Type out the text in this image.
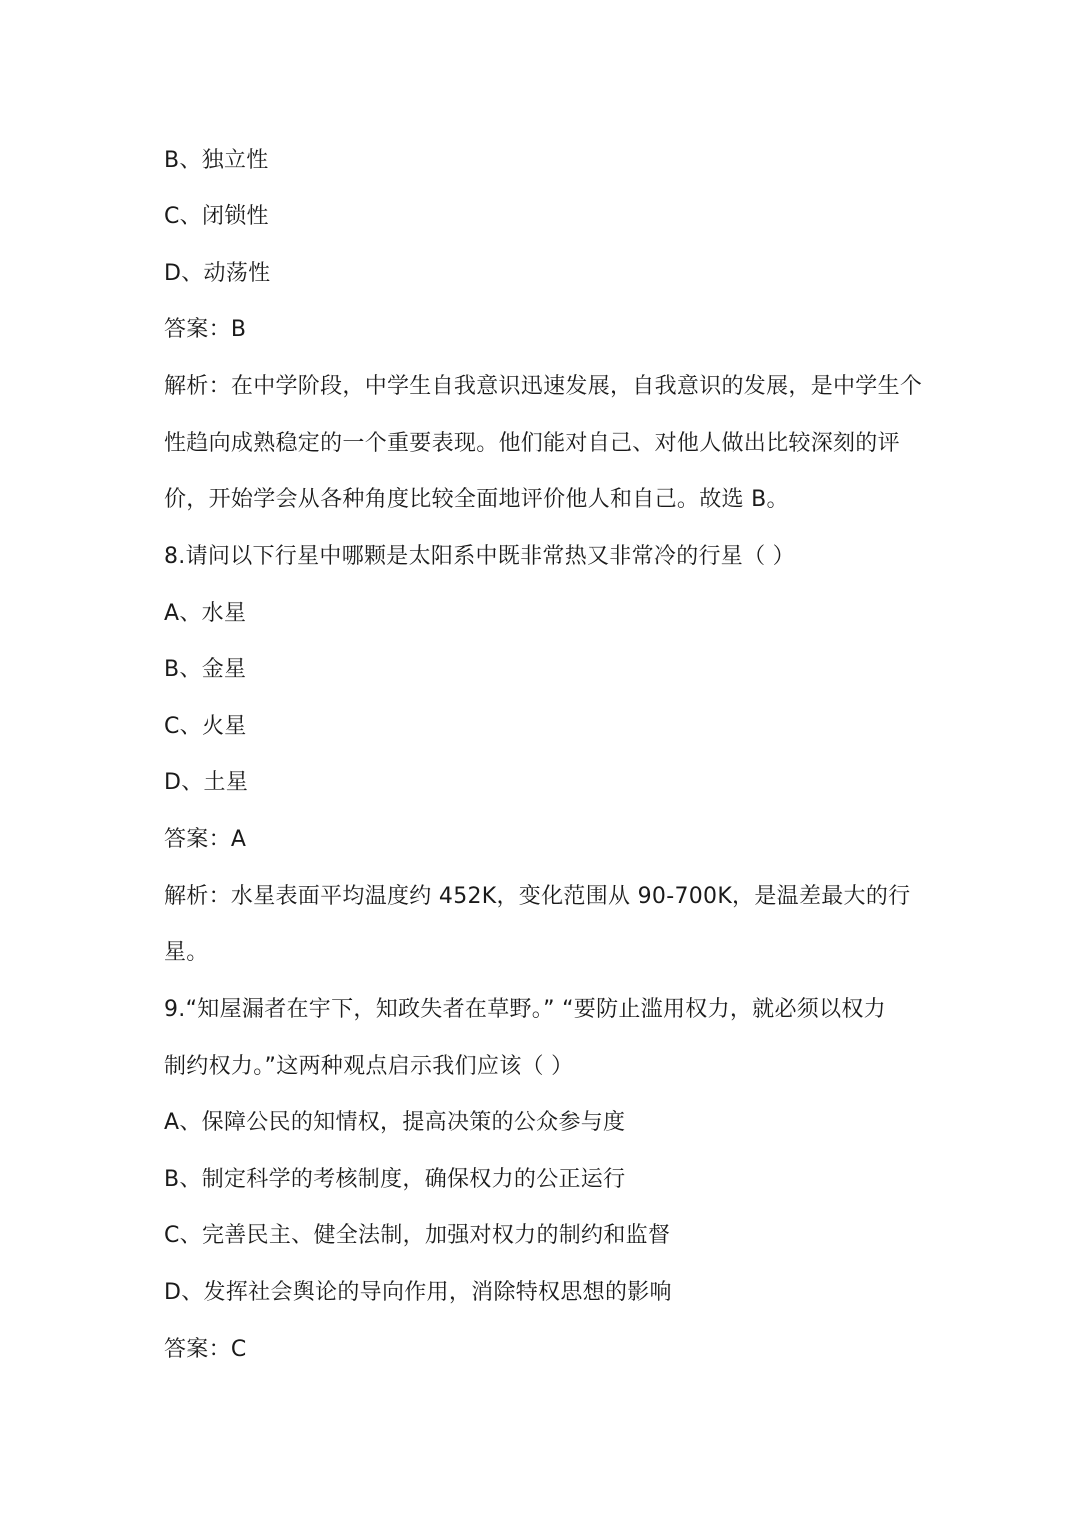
B、独立性
C、闭锁性
D、动荡性
答案：B
解析：在中学阶段，中学生自我意识迅速发展，自我意识的发展，是中学生个
性趋向成熟稳定的一个重要表现。他们能对自己、对他人做出比较深刻的评
价，开始学会从各种角度比较全面地评价他人和自己。故选 B。
8.请问以下行星中哪颗是太阳系中既非常热又非常冷的行星（ ）
A、水星
B、金星
C、火星
D、土星
答案：A
解析：水星表面平均温度约 452K，变化范围从 90-700K，是温差最大的行
星。
9.“知屋漏者在宇下，知政失者在草野。” “要防止滥用权力，就必须以权力
制约权力。”这两种观点启示我们应该（ ）
A、保障公民的知情权，提高决策的公众参与度
B、制定科学的考核制度，确保权力的公正运行
C、完善民主、健全法制，加强对权力的制约和监督
D、发挥社会舆论的导向作用，消除特权思想的影响
答案：C
